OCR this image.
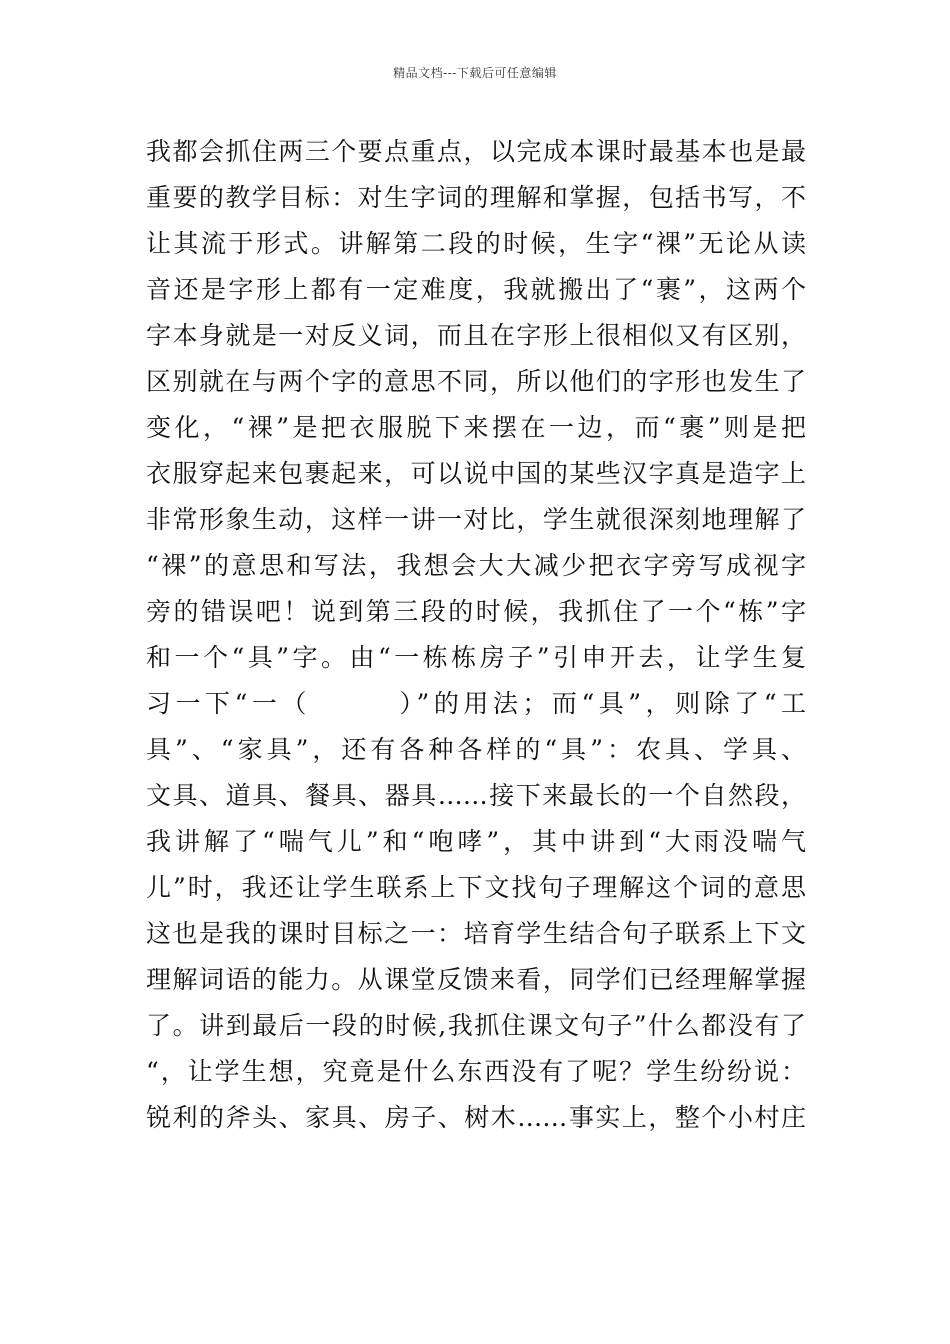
精品文档---下载后可任意编辑
我都会抓住两三个要点重点，以完成本课时最基本也是最
重要的教学目标：对生字词的理解和掌握，包括书写，不
让其流于形式。讲解第二段的时候，生字“裸”无论从读
音还是字形上都有一定难度，我就搬出了“裹”，这两个
字本身就是一对反义词，而且在字形上很相似又有区别，
区别就在与两个字的意思不同，所以他们的字形也发生了
变化，“裸”是把衣服脱下来摆在一边，而“裹”则是把
衣服穿起来包裹起来，可以说中国的某些汉字真是造字上
非常形象生动，这样一讲一对比，学生就很深刻地理解了
“裸”的意思和写法，我想会大大减少把衣字旁写成视字
旁的错误吧！说到第三段的时候，我抓住了一个“栋”字
和一个“具”字。由“一栋栋房子”引申开去，让学生复
习一下“一（　　　）”的用法；而“具”，则除了“工
具”、“家具”，还有各种各样的“具”：农具、学具、
文具、道具、餐具、器具……接下来最长的一个自然段，
我讲解了“喘气儿”和“咆哮”，其中讲到“大雨没喘气
儿”时，我还让学生联系上下文找句子理解这个词的意思
这也是我的课时目标之一：培育学生结合句子联系上下文
理解词语的能力。从课堂反馈来看，同学们已经理解掌握
了。讲到最后一段的时候,我抓住课文句子”什么都没有了
“，让学生想，究竟是什么东西没有了呢？学生纷纷说：
锐利的斧头、家具、房子、树木……事实上，整个小村庄
